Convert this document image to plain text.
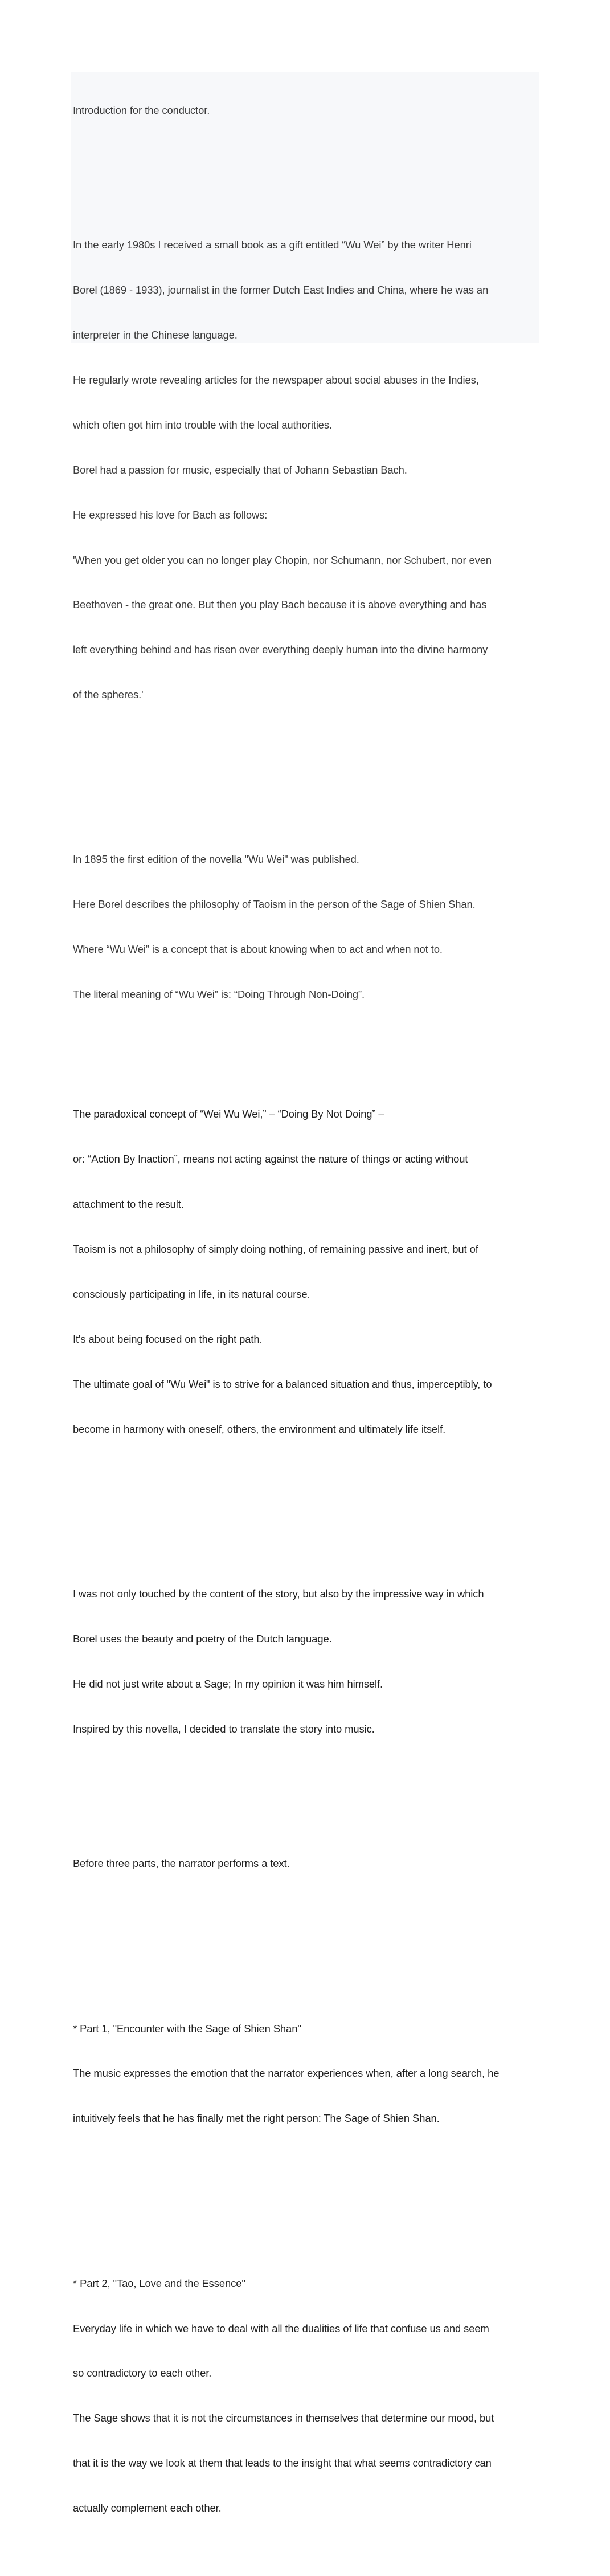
Introduction for the conductor.

In the early 1980s I received a small book as a gift entitled “Wu Wei” by the writer Henri

Borel (1869 - 1933), journalist in the former Dutch East Indies and China, where he was an

interpreter in the Chinese language.

He regularly wrote revealing articles for the newspaper about social abuses in the Indies,

which often got him into trouble with the local authorities.

Borel had a passion for music, especially that of Johann Sebastian Bach.

He expressed his love for Bach as follows:

'When you get older you can no longer play Chopin, nor Schumann, nor Schubert, nor even

Beethoven - the great one. But then you play Bach because it is above everything and has

left everything behind and has risen over everything deeply human into the divine harmony

of the spheres.'

In 1895 the first edition of the novella "Wu Wei" was published.

Here Borel describes the philosophy of Taoism in the person of the Sage of Shien Shan.

Where “Wu Wei” is a concept that is about knowing when to act and when not to.

The literal meaning of “Wu Wei” is: “Doing Through Non-Doing”.

The paradoxical concept of “Wei Wu Wei,” – “Doing By Not Doing” –

or: “Action By Inaction”, means not acting against the nature of things or acting without

attachment to the result.

Taoism is not a philosophy of simply doing nothing, of remaining passive and inert, but of

consciously participating in life, in its natural course.

It's about being focused on the right path.

The ultimate goal of "Wu Wei" is to strive for a balanced situation and thus, imperceptibly, to

become in harmony with oneself, others, the environment and ultimately life itself.

I was not only touched by the content of the story, but also by the impressive way in which

Borel uses the beauty and poetry of the Dutch language.

He did not just write about a Sage; In my opinion it was him himself.

Inspired by this novella, I decided to translate the story into music.

Before three parts, the narrator performs a text.

* Part 1, "Encounter with the Sage of Shien Shan"

The music expresses the emotion that the narrator experiences when, after a long search, he

intuitively feels that he has finally met the right person: The Sage of Shien Shan.

* Part 2, "Tao, Love and the Essence"

Everyday life in which we have to deal with all the dualities of life that confuse us and seem

so contradictory to each other.

The Sage shows that it is not the circumstances in themselves that determine our mood, but

that it is the way we look at them that leads to the insight that what seems contradictory can

actually complement each other.
